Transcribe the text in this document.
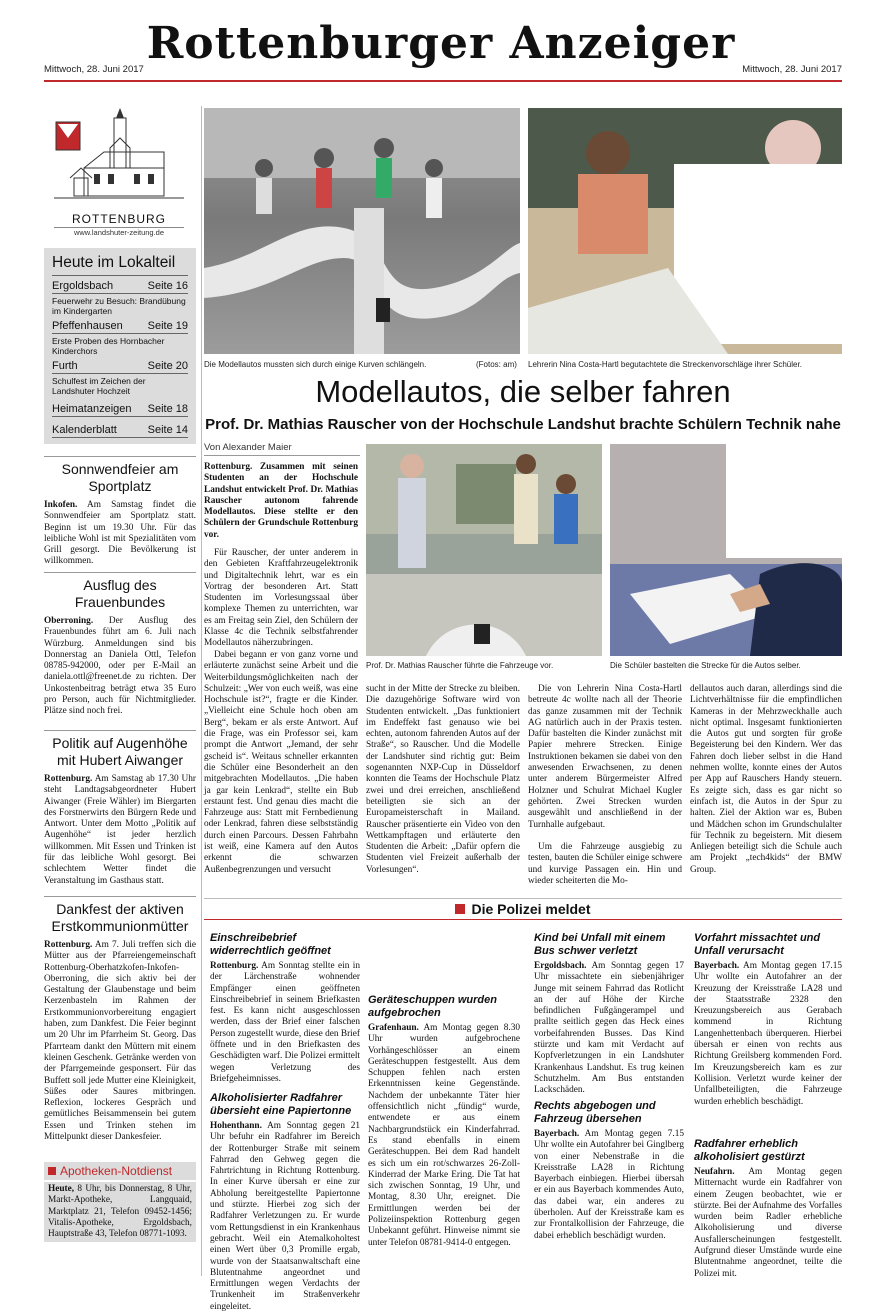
Rottenburger Anzeiger
Mittwoch, 28. Juni 2017	Mittwoch, 28. Juni 2017
ROTTENBURG
www.landshuter-zeitung.de
Heute im Lokalteil
Ergoldsbach	Seite 16
Feuerwehr zu Besuch: Brandübung im Kindergarten
Pfeffenhausen Seite 19
Erste Proben des Hornbacher Kinderchors
Furth	Seite 20
Schulfest im Zeichen der Landshuter Hochzeit
Heimatanzeigen Seite 18
Kalenderblatt	Seite 14
Sonnwendfeier am Sportplatz
Inkofen. Am Samstag findet die Sonnwendfeier am Sportplatz statt. Beginn ist um 19.30 Uhr. Für das leibliche Wohl ist mit Spezialitäten vom Grill gesorgt. Die Bevölkerung ist willkommen.
Ausflug des Frauenbundes
Oberroning. Der Ausflug des Frauenbundes führt am 6. Juli nach Würzburg. Anmeldungen sind bis Donnerstag an Daniela Ottl, Telefon 08785-942000, oder per E-Mail an daniela.ottl@freenet.de zu richten. Der Unkostenbeitrag beträgt etwa 35 Euro pro Person, auch für Nichtmitglieder. Plätze sind noch frei.
Politik auf Augenhöhe mit Hubert Aiwanger
Rottenburg. Am Samstag ab 17.30 Uhr steht Landtagsabgeordneter Hubert Aiwanger (Freie Wähler) im Biergarten des Forstnerwirts den Bürgern Rede und Antwort. Unter dem Motto „Politik auf Augenhöhe“ ist jeder herzlich willkommen. Mit Essen und Trinken ist für das leibliche Wohl gesorgt. Bei schlechtem Wetter findet die Veranstaltung im Gasthaus statt.
Dankfest der aktiven Erstkommunionmütter
Rottenburg. Am 7. Juli treffen sich die Mütter aus der Pfarreiengemeinschaft Rottenburg-Oberhatzkofen-Inkofen-Oberroning, die sich aktiv bei der Gestaltung der Glaubenstage und beim Kerzenbasteln im Rahmen der Erstkommunionvorbereitung engagiert haben, zum Dankfest. Die Feier beginnt um 20 Uhr im Pfarrheim St. Georg. Das Pfarrteam dankt den Müttern mit einem kleinen Geschenk. Getränke werden von der Pfarrgemeinde gesponsert. Für das Buffett soll jede Mutter eine Kleinigkeit, Süßes oder Saures mitbringen. Reflexion, lockeres Gespräch und gemütliches Beisammensein bei gutem Essen und Trinken stehen im Mittelpunkt dieser Dankesfeier.
Apotheken-Notdienst
Heute, 8 Uhr, bis Donnerstag, 8 Uhr, Markt-Apotheke, Langquaid, Marktplatz 21, Telefon 09452-1456; Vitalis-Apotheke, Ergoldsbach, Hauptstraße 43, Telefon 08771-1093.
Die Modellautos mussten sich durch einige Kurven schlängeln.	(Fotos: am) Lehrerin Nina Costa-Hartl begutachtete die Streckenvorschläge ihrer Schüler.
Modellautos, die selber fahren
Prof. Dr. Mathias Rauscher von der Hochschule Landshut brachte Schülern Technik nahe
Von Alexander Maier
Rottenburg. Zusammen mit seinen Studenten an der Hochschule Landshut entwickelt Prof. Dr. Mathias Rauscher autonom fahrende Modellautos. Diese stellte er den Schülern der Grundschule Rottenburg vor.
Für Rauscher, der unter anderem in den Gebieten Kraftfahrzeugelektronik und Digitaltechnik lehrt, war es ein Vortrag der besonderen Art. Statt Studenten im Vorlesungssaal über komplexe Themen zu unterrichten, war es am Freitag sein Ziel, den Schülern der Klasse 4c die Technik selbstfahrender Modellautos näherzubringen.
Dabei begann er von ganz vorne und erläuterte zunächst seine Arbeit und die Weiterbildungsmöglichkeiten nach der Schulzeit: „Wer von euch weiß, was eine Hochschule ist?“, fragte er die Kinder. „Vielleicht eine Schule hoch oben am Berg“, bekam er als erste Antwort. Auf die Frage, was ein Professor sei, kam prompt die Antwort „Jemand, der sehr gscheid is“. Weitaus schneller erkannten die Schüler eine Besonderheit an den mitgebrachten Modellautos. „Die haben ja gar kein Lenkrad“, stellte ein Bub erstaunt fest. Und genau dies macht die Fahrzeuge aus: Statt mit Fernbedienung oder Lenkrad, fahren diese selbstständig durch einen Parcours. Dessen Fahrbahn ist weiß, eine Kamera auf den Autos erkennt die schwarzen Außenbegrenzungen und versucht
Prof. Dr. Mathias Rauscher führte die Fahrzeuge vor.	Die Schüler bastelten die Strecke für die Autos selber.
sucht in der Mitte der Strecke zu bleiben. Die dazugehörige Software wird von Studenten entwickelt. „Das funktioniert im Endeffekt fast genauso wie bei echten, autonom fahrenden Autos auf der Straße“, so Rauscher. Und die Modelle der Landshuter sind richtig gut: Beim sogenannten NXP-Cup in Düsseldorf konnten die Teams der Hochschule Platz zwei und drei erreichen, anschließend beteiligten sie sich an der Europameisterschaft in Mailand. Rauscher präsentierte ein Video von den Wettkampftagen und erläuterte den Studenten die Arbeit: „Dafür opfern die Studenten viel Freizeit außerhalb der Vorlesungen“.
Die von Lehrerin Nina Costa-Hartl betreute 4c wollte nach all der Theorie das ganze zusammen mit der Technik AG natürlich auch in der Praxis testen. Dafür bastelten die Kinder zunächst mit Papier mehrere Strecken. Einige Instruktionen bekamen sie dabei von den anwesenden Erwachsenen, zu denen unter anderem Bürgermeister Alfred Holzner und Schulrat Michael Kugler gehörten. Zwei Strecken wurden ausgewählt und anschließend in der Turnhalle aufgebaut.
Um die Fahrzeuge ausgiebig zu testen, bauten die Schüler einige schwere und kurvige Passagen ein. Hin und wieder scheiterten die Mo-
dellautos auch daran, allerdings sind die Lichtverhältnisse für die empfindlichen Kameras in der Mehrzweckhalle auch nicht optimal. Insgesamt funktionierten die Autos gut und sorgten für große Begeisterung bei den Kindern. Wer das Fahren doch lieber selbst in die Hand nehmen wollte, konnte eines der Autos per App auf Rauschers Handy steuern. Es zeigte sich, dass es gar nicht so einfach ist, die Autos in der Spur zu halten. Ziel der Aktion war es, Buben und Mädchen schon im Grundschulalter für Technik zu begeistern. Mit diesem Anliegen beteiligt sich die Schule auch am Projekt „tech4kids“ der BMW Group.
Die Polizei meldet
Einschreibebrief widerrechtlich geöffnet
Rottenburg. Am Sonntag stellte ein in der Lärchenstraße wohnender Empfänger einen geöffneten Einschreibebrief in seinem Briefkasten fest. Es kann nicht ausgeschlossen werden, dass der Brief einer falschen Person zugestellt wurde, diese den Brief öffnete und in den Briefkasten des Geschädigten warf. Die Polizei ermittelt wegen Verletzung des Briefgeheimnisses.
Alkoholisierter Radfahrer übersieht eine Papiertonne
Hohenthann. Am Sonntag gegen 21 Uhr befuhr ein Radfahrer im Bereich der Rottenburger Straße mit seinem Fahrrad den Gehweg gegen die Fahrtrichtung in Richtung Rottenburg. In einer Kurve übersah er eine zur Abholung bereitgestellte Papiertonne und stürzte. Hierbei zog sich der Radfahrer Verletzungen zu. Er wurde vom Rettungsdienst in ein Krankenhaus gebracht. Weil ein Atemalkoholtest einen Wert über 0,3 Promille ergab, wurde von der Staatsanwaltschaft eine Blutentnahme angeordnet und Ermittlungen wegen Verdachts der Trunkenheit im Straßenverkehr eingeleitet.
Geräteschuppen wurden aufgebrochen
Grafenhaun. Am Montag gegen 8.30 Uhr wurden aufgebrochene Vorhängeschlösser an einem Geräteschuppen festgestellt. Aus dem Schuppen fehlen nach ersten Erkenntnissen keine Gegenstände. Nachdem der unbekannte Täter hier offensichtlich nicht „fündig“ wurde, entwendete er aus einem Nachbargrundstück ein Kinderfahrrad. Es stand ebenfalls in einem Geräteschuppen. Bei dem Rad handelt es sich um ein rot/schwarzes 26-Zoll-Kinderrad der Marke Ering. Die Tat hat sich zwischen Sonntag, 19 Uhr, und Montag, 8.30 Uhr, ereignet. Die Ermittlungen werden bei der Polizeiinspektion Rottenburg gegen Unbekannt geführt. Hinweise nimmt sie unter Telefon 08781-9414-0 entgegen.
Kind bei Unfall mit einem Bus schwer verletzt
Ergoldsbach. Am Sonntag gegen 17 Uhr missachtete ein siebenjähriger Junge mit seinem Fahrrad das Rotlicht an der auf Höhe der Kirche befindlichen Fußgängerampel und prallte seitlich gegen das Heck eines vorbeifahrenden Busses. Das Kind stürzte und kam mit Verdacht auf Kopfverletzungen in ein Landshuter Krankenhaus Landshut. Es trug keinen Schutzhelm. Am Bus entstanden Lackschäden.
Rechts abgebogen und Fahrzeug übersehen
Bayerbach. Am Montag gegen 7.15 Uhr wollte ein Autofahrer bei Ginglberg von einer Nebenstraße in die Kreisstraße LA28 in Richtung Bayerbach einbiegen. Hierbei übersah er ein aus Bayerbach kommendes Auto, das dabei war, ein anderes zu überholen. Auf der Kreisstraße kam es zur Frontalkollision der Fahrzeuge, die dabei erheblich beschädigt wurden.
Vorfahrt missachtet und Unfall verursacht
Bayerbach. Am Montag gegen 17.15 Uhr wollte ein Autofahrer an der Kreuzung der Kreisstraße LA28 und der Staatsstraße 2328 den Kreuzungsbereich aus Gerabach kommend in Richtung Langenhettenbach überqueren. Hierbei übersah er einen von rechts aus Richtung Greilsberg kommenden Ford. Im Kreuzungsbereich kam es zur Kollision. Verletzt wurde keiner der Unfallbeteiligten, die Fahrzeuge wurden erheblich beschädigt.
Radfahrer erheblich alkoholisiert gestürzt
Neufahrn. Am Montag gegen Mitternacht wurde ein Radfahrer von einem Zeugen beobachtet, wie er stürzte. Bei der Aufnahme des Vorfalles wurden beim Radler erhebliche Alkoholisierung und diverse Ausfallerscheinungen festgestellt. Aufgrund dieser Umstände wurde eine Blutentnahme angeordnet, teilte die Polizei mit.
